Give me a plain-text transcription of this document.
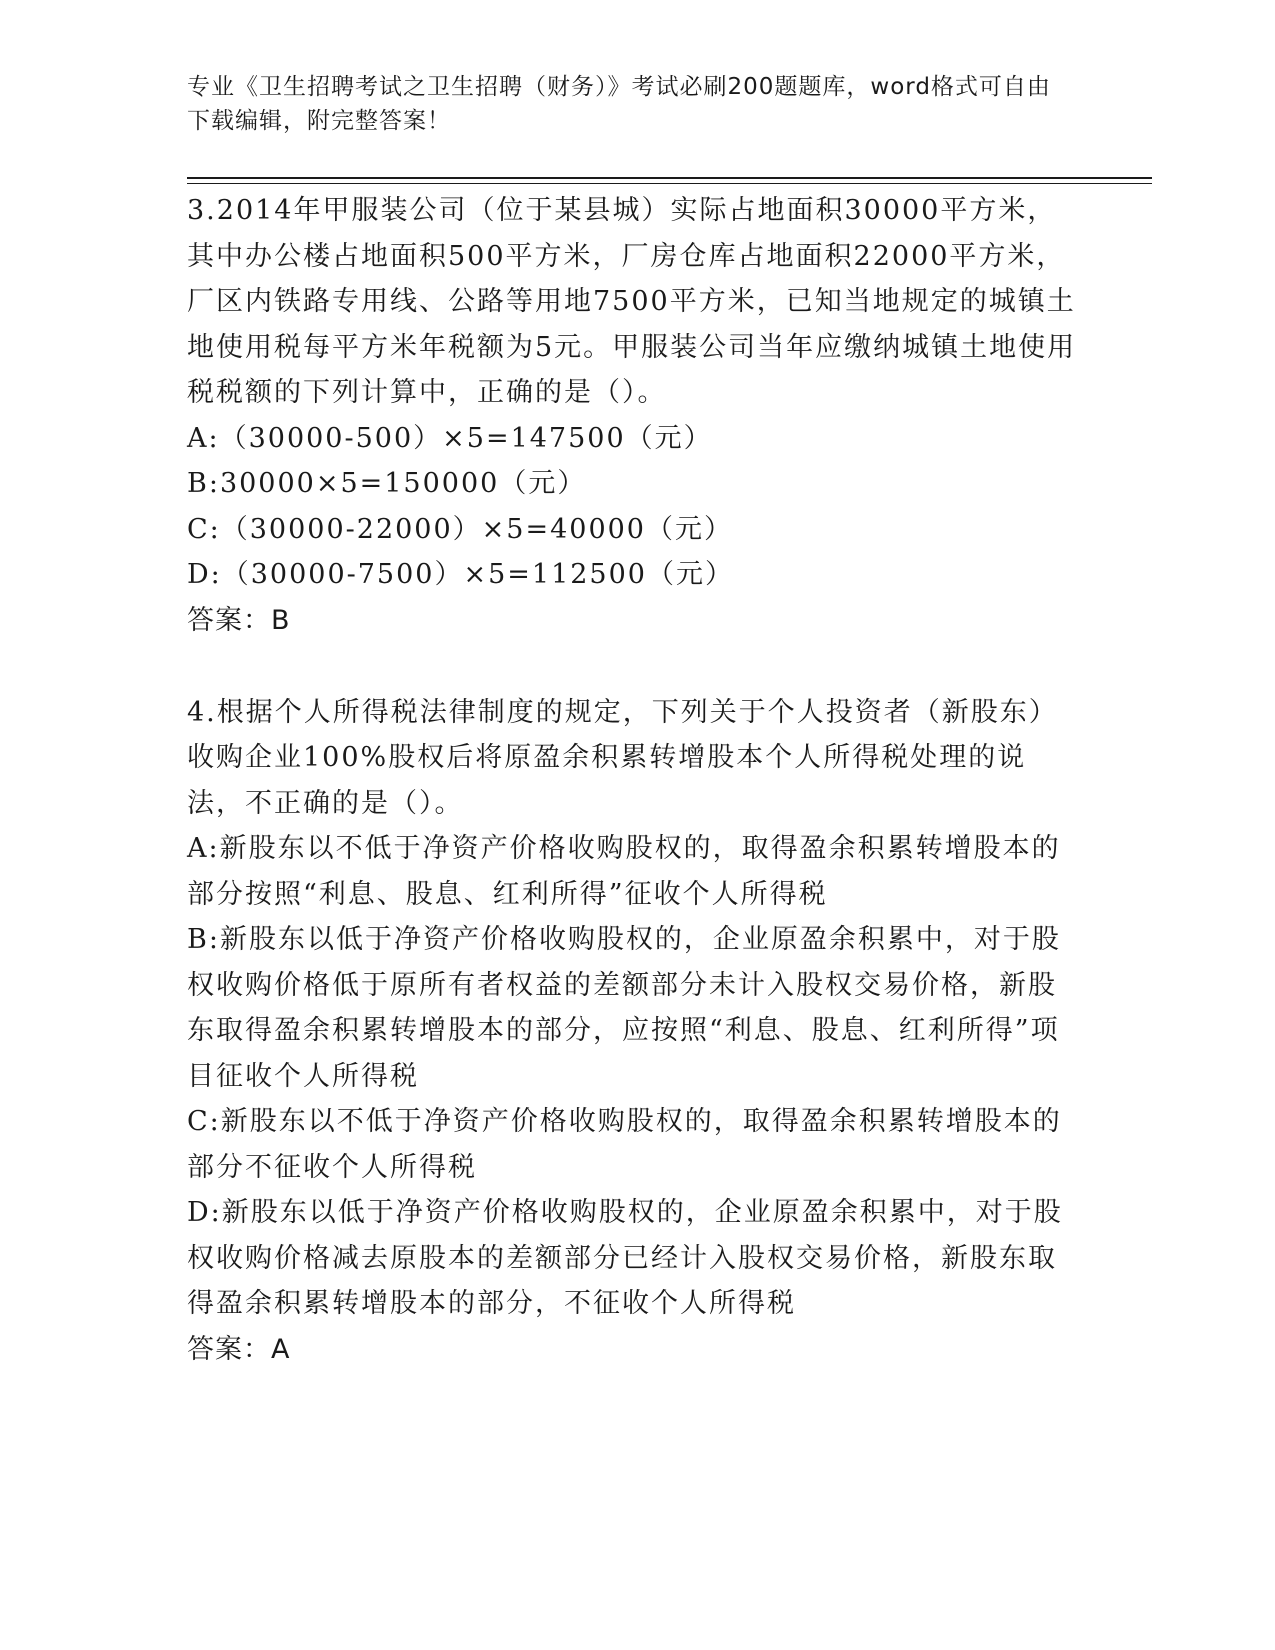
专业《卫生招聘考试之卫生招聘（财务）》考试必刷200题题库，word格式可自由下载编辑，附完整答案！

3.2014年甲服装公司（位于某县城）实际占地面积30000平方米，其中办公楼占地面积500平方米，厂房仓库占地面积22000平方米，厂区内铁路专用线、公路等用地7500平方米，已知当地规定的城镇土地使用税每平方米年税额为5元。甲服装公司当年应缴纳城镇土地使用税税额的下列计算中，正确的是（）。

A:（30000-500）×5=147500（元）

B:30000×5=150000（元）

C:（30000-22000）×5=40000（元）

D:（30000-7500）×5=112500（元）

答案：B

4.根据个人所得税法律制度的规定，下列关于个人投资者（新股东）收购企业100%股权后将原盈余积累转增股本个人所得税处理的说法，不正确的是（）。

A:新股东以不低于净资产价格收购股权的，取得盈余积累转增股本的部分按照“利息、股息、红利所得”征收个人所得税

B:新股东以低于净资产价格收购股权的，企业原盈余积累中，对于股权收购价格低于原所有者权益的差额部分未计入股权交易价格，新股东取得盈余积累转增股本的部分，应按照“利息、股息、红利所得”项目征收个人所得税

C:新股东以不低于净资产价格收购股权的，取得盈余积累转增股本的部分不征收个人所得税

D:新股东以低于净资产价格收购股权的，企业原盈余积累中，对于股权收购价格减去原股本的差额部分已经计入股权交易价格，新股东取得盈余积累转增股本的部分，不征收个人所得税

答案：A
